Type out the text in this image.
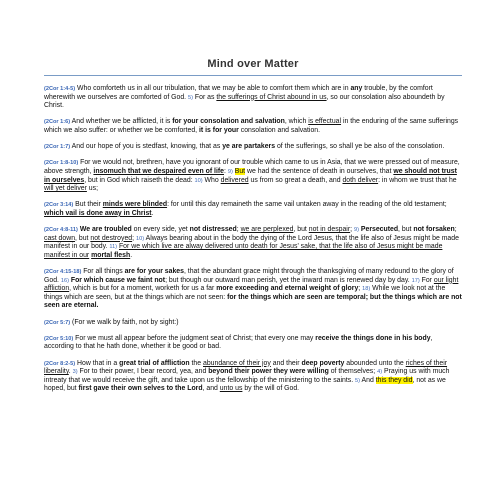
Mind over Matter

(2Cor 1:4-5) Who comforteth us in all our tribulation, that we may be able to comfort them which are in any trouble, by the comfort wherewith we ourselves are comforted of God. 5) For as the sufferings of Christ abound in us, so our consolation also aboundeth by Christ.

(2Cor 1:6) And whether we be afflicted, it is for your consolation and salvation, which is effectual in the enduring of the same sufferings which we also suffer: or whether we be comforted, it is for your consolation and salvation.

(2Cor 1:7) And our hope of you is stedfast, knowing, that as ye are partakers of the sufferings, so shall ye be also of the consolation.

(2Cor 1:8-10) For we would not, brethren, have you ignorant of our trouble which came to us in Asia, that we were pressed out of measure, above strength, insomuch that we despaired even of life: 9) But we had the sentence of death in ourselves, that we should not trust in ourselves, but in God which raiseth the dead: 10) Who delivered us from so great a death, and doth deliver: in whom we trust that he will yet deliver us;

(2Cor 3:14) But their minds were blinded: for until this day remaineth the same vail untaken away in the reading of the old testament; which vail is done away in Christ.

(2Cor 4:8-11) We are troubled on every side, yet not distressed; we are perplexed, but not in despair; 9) Persecuted, but not forsaken; cast down, but not destroyed; 10) Always bearing about in the body the dying of the Lord Jesus, that the life also of Jesus might be made manifest in our body. 11) For we which live are alway delivered unto death for Jesus' sake, that the life also of Jesus might be made manifest in our mortal flesh.

(2Cor 4:15-18) For all things are for your sakes, that the abundant grace might through the thanksgiving of many redound to the glory of God. 16) For which cause we faint not; but though our outward man perish, yet the inward man is renewed day by day. 17) For our light affliction, which is but for a moment, worketh for us a far more exceeding and eternal weight of glory; 18) While we look not at the things which are seen, but at the things which are not seen: for the things which are seen are temporal; but the things which are not seen are eternal.

(2Cor 5:7) (For we walk by faith, not by sight:)

(2Cor 5:10) For we must all appear before the judgment seat of Christ; that every one may receive the things done in his body, according to that he hath done, whether it be good or bad.

(2Cor 8:2-5) How that in a great trial of affliction the abundance of their joy and their deep poverty abounded unto the riches of their liberality. 3) For to their power, I bear record, yea, and beyond their power they were willing of themselves; 4) Praying us with much intreaty that we would receive the gift, and take upon us the fellowship of the ministering to the saints. 5) And this they did, not as we hoped, but first gave their own selves to the Lord, and unto us by the will of God.
